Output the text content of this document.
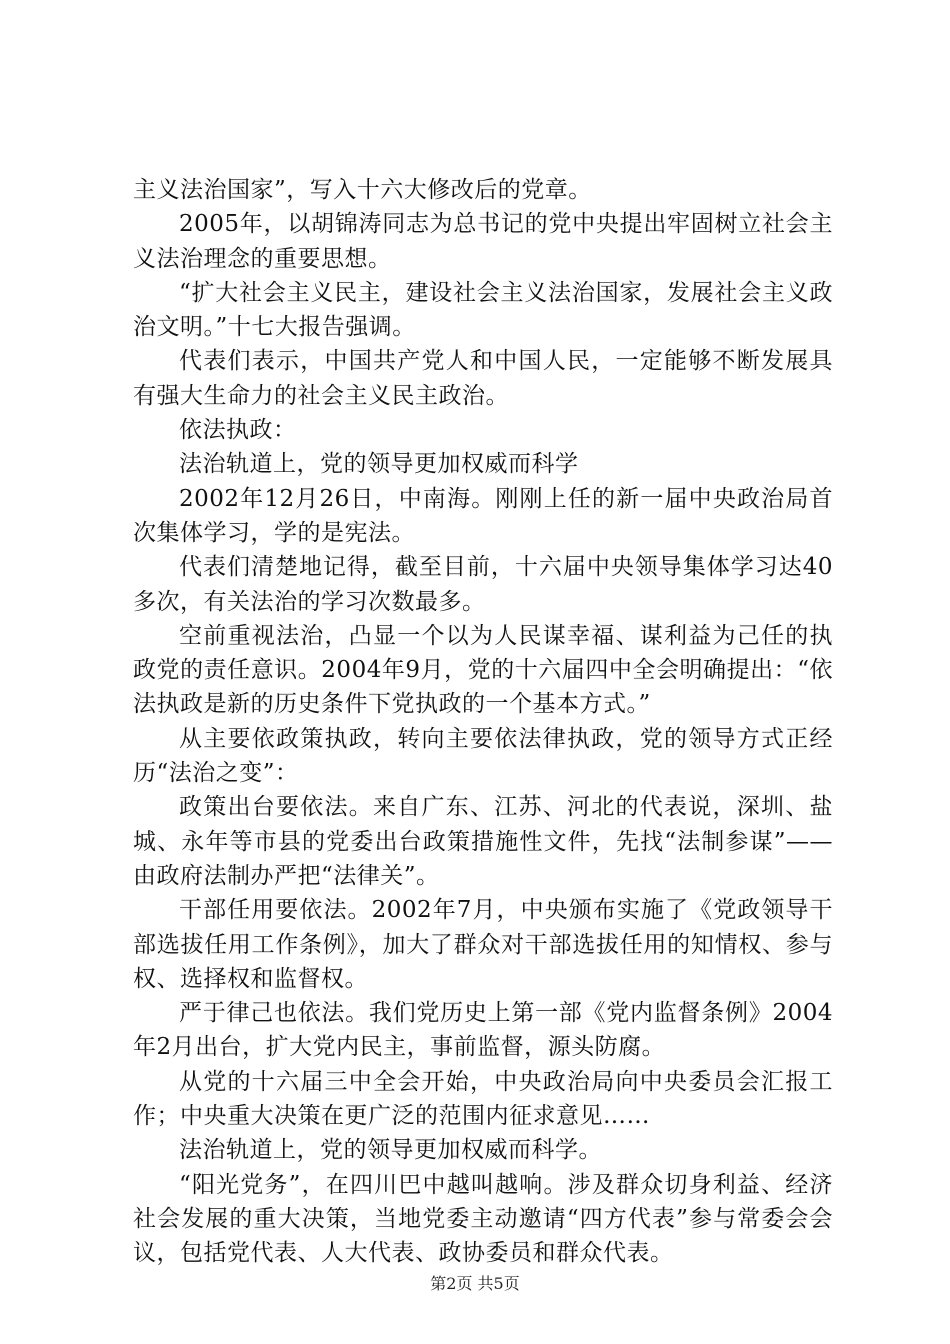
主义法治国家”，写入十六大修改后的党章。

2005年，以胡锦涛同志为总书记的党中央提出牢固树立社会主义法治理念的重要思想。

“扩大社会主义民主，建设社会主义法治国家，发展社会主义政治文明。”十七大报告强调。

代表们表示，中国共产党人和中国人民，一定能够不断发展具有强大生命力的社会主义民主政治。

依法执政：

法治轨道上，党的领导更加权威而科学

2002年12月26日，中南海。刚刚上任的新一届中央政治局首次集体学习，学的是宪法。

代表们清楚地记得，截至目前，十六届中央领导集体学习达40多次，有关法治的学习次数最多。

空前重视法治，凸显一个以为人民谋幸福、谋利益为己任的执政党的责任意识。2004年9月，党的十六届四中全会明确提出：“依法执政是新的历史条件下党执政的一个基本方式。”

从主要依政策执政，转向主要依法律执政，党的领导方式正经历“法治之变”：

政策出台要依法。来自广东、江苏、河北的代表说，深圳、盐城、永年等市县的党委出台政策措施性文件，先找“法制参谋”——由政府法制办严把“法律关”。

干部任用要依法。2002年7月，中央颁布实施了《党政领导干部选拔任用工作条例》，加大了群众对干部选拔任用的知情权、参与权、选择权和监督权。

严于律己也依法。我们党历史上第一部《党内监督条例》2004年2月出台，扩大党内民主，事前监督，源头防腐。

从党的十六届三中全会开始，中央政治局向中央委员会汇报工作；中央重大决策在更广泛的范围内征求意见……

法治轨道上，党的领导更加权威而科学。

“阳光党务”，在四川巴中越叫越响。涉及群众切身利益、经济社会发展的重大决策，当地党委主动邀请“四方代表”参与常委会会议，包括党代表、人大代表、政协委员和群众代表。

第2页 共5页
